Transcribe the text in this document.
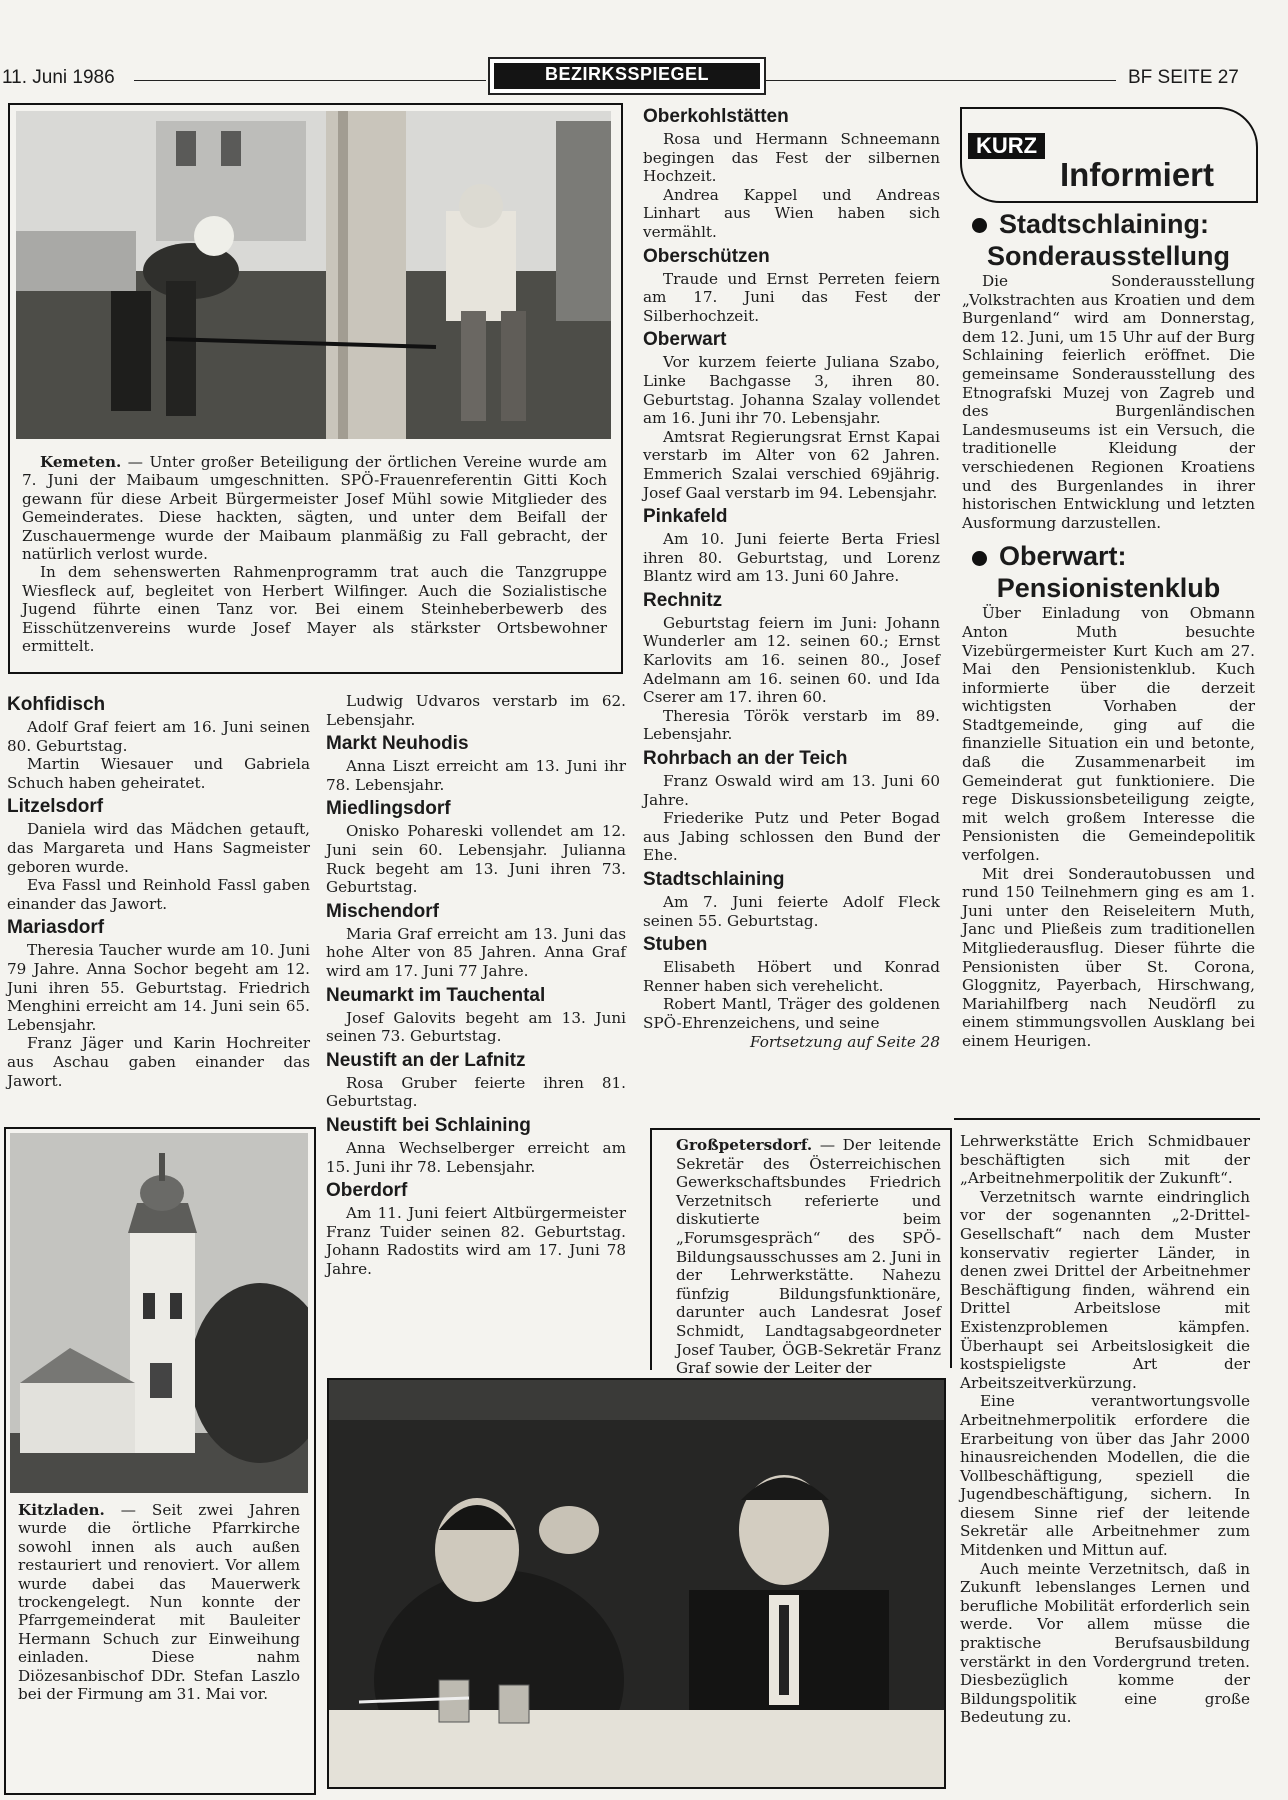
11. Juni 1986	BEZIRKSSPIEGEL	BF SEITE 27

Kemeten. — Unter großer Beteiligung der örtlichen Vereine wurde am 7. Juni der Maibaum umgeschnitten. SPÖ-Frauenreferentin Gitti Koch gewann für diese Arbeit Bürgermeister Josef Mühl sowie Mitglieder des Gemeinderates. Diese hackten, sägten, und unter dem Beifall der Zuschauermenge wurde der Maibaum planmäßig zu Fall gebracht, der natürlich verlost wurde.

In dem sehenswerten Rahmenprogramm trat auch die Tanzgruppe Wiesfleck auf, begleitet von Herbert Wilfinger. Auch die Sozialistische Jugend führte einen Tanz vor. Bei einem Steinheberbewerb des Eisschützenvereins wurde Josef Mayer als stärkster Ortsbewohner ermittelt.

Kohfidisch

Adolf Graf feiert am 16. Juni seinen 80. Geburtstag.

Martin Wiesauer und Gabriela Schuch haben geheiratet.

Litzelsdorf

Daniela wird das Mädchen getauft, das Margareta und Hans Sagmeister geboren wurde.

Eva Fassl und Reinhold Fassl gaben einander das Jawort.

Mariasdorf

Theresia Taucher wurde am 10. Juni 79 Jahre. Anna Sochor begeht am 12. Juni ihren 55. Geburtstag. Friedrich Menghini erreicht am 14. Juni sein 65. Lebensjahr.

Franz Jäger und Karin Hochreiter aus Aschau gaben einander das Jawort.

Kitzladen. — Seit zwei Jahren wurde die örtliche Pfarrkirche sowohl innen als auch außen restauriert und renoviert. Vor allem wurde dabei das Mauerwerk trockengelegt. Nun konnte der Pfarrgemeinderat mit Bauleiter Hermann Schuch zur Einweihung einladen. Diese nahm Diözesanbischof DDr. Stefan Laszlo bei der Firmung am 31. Mai vor.

Ludwig Udvaros verstarb im 62. Lebensjahr.

Markt Neuhodis

Anna Liszt erreicht am 13. Juni ihr 78. Lebensjahr.

Miedlingsdorf

Onisko Pohareski vollendet am 12. Juni sein 60. Lebensjahr. Julianna Ruck begeht am 13. Juni ihren 73. Geburtstag.

Mischendorf

Maria Graf erreicht am 13. Juni das hohe Alter von 85 Jahren. Anna Graf wird am 17. Juni 77 Jahre.

Neumarkt im Tauchental

Josef Galovits begeht am 13. Juni seinen 73. Geburtstag.

Neustift an der Lafnitz

Rosa Gruber feierte ihren 81. Geburtstag.

Neustift bei Schlaining

Anna Wechselberger erreicht am 15. Juni ihr 78. Lebensjahr.

Oberdorf

Am 11. Juni feiert Altbürgermeister Franz Tuider seinen 82. Geburtstag. Johann Radostits wird am 17. Juni 78 Jahre.

Oberkohlstätten

Rosa und Hermann Schneemann begingen das Fest der silbernen Hochzeit.

Andrea Kappel und Andreas Linhart aus Wien haben sich vermählt.

Oberschützen

Traude und Ernst Perreten feiern am 17. Juni das Fest der Silberhochzeit.

Oberwart

Vor kurzem feierte Juliana Szabo, Linke Bachgasse 3, ihren 80. Geburtstag. Johanna Szalay vollendet am 16. Juni ihr 70. Lebensjahr.

Amtsrat Regierungsrat Ernst Kapai verstarb im Alter von 62 Jahren. Emmerich Szalai verschied 69jährig. Josef Gaal verstarb im 94. Lebensjahr.

Pinkafeld

Am 10. Juni feierte Berta Friesl ihren 80. Geburtstag, und Lorenz Blantz wird am 13. Juni 60 Jahre.

Rechnitz

Geburtstag feiern im Juni: Johann Wunderler am 12. seinen 60.; Ernst Karlovits am 16. seinen 80., Josef Adelmann am 16. seinen 60. und Ida Cserer am 17. ihren 60.

Theresia Török verstarb im 89. Lebensjahr.

Rohrbach an der Teich

Franz Oswald wird am 13. Juni 60 Jahre.

Friederike Putz und Peter Bogad aus Jabing schlossen den Bund der Ehe.

Stadtschlaining

Am 7. Juni feierte Adolf Fleck seinen 55. Geburtstag.

Stuben

Elisabeth Höbert und Konrad Renner haben sich verehelicht.

Robert Mantl, Träger des goldenen SPÖ-Ehrenzeichens, und seine

Fortsetzung auf Seite 28
KURZ
Informiert
Stadtschlaining:
Sonderausstellung

Die Sonderausstellung „Volkstrachten aus Kroatien und dem Burgenland“ wird am Donnerstag, dem 12. Juni, um 15 Uhr auf der Burg Schlaining feierlich eröffnet. Die gemeinsame Sonderausstellung des Etnografski Muzej von Zagreb und des Burgenländischen Landesmuseums ist ein Versuch, die traditionelle Kleidung der verschiedenen Regionen Kroatiens und des Burgenlandes in ihrer historischen Entwicklung und letzten Ausformung darzustellen.

Oberwart:
Pensionistenklub

Über Einladung von Obmann Anton Muth besuchte Vizebürgermeister Kurt Kuch am 27. Mai den Pensionistenklub. Kuch informierte über die derzeit wichtigsten Vorhaben der Stadtgemeinde, ging auf die finanzielle Situation ein und betonte, daß die Zusammenarbeit im Gemeinderat gut funktioniere. Die rege Diskussionsbeteiligung zeigte, mit welch großem Interesse die Pensionisten die Gemeindepolitik verfolgen.

Mit drei Sonderautobussen und rund 150 Teilnehmern ging es am 1. Juni unter den Reiseleitern Muth, Janc und Pließeis zum traditionellen Mitgliederausflug. Dieser führte die Pensionisten über St. Corona, Gloggnitz, Payerbach, Hirschwang, Mariahilfberg nach Neudörfl zu einem stimmungsvollen Ausklang bei einem Heurigen.

Großpetersdorf. — Der leitende Sekretär des Österreichischen Gewerkschaftsbundes Friedrich Verzetnitsch referierte und diskutierte beim „Forumsgespräch“ des SPÖ-Bildungsausschusses am 2. Juni in der Lehrwerkstätte. Nahezu fünfzig Bildungsfunktionäre, darunter auch Landesrat Josef Schmidt, Landtagsabgeordneter Josef Tauber, ÖGB-Sekretär Franz Graf sowie der Leiter der

Lehrwerkstätte Erich Schmidbauer beschäftigten sich mit der „Arbeitnehmerpolitik der Zukunft“.

Verzetnitsch warnte eindringlich vor der sogenannten „2-Drittel-Gesellschaft“ nach dem Muster konservativ regierter Länder, in denen zwei Drittel der Arbeitnehmer Beschäftigung finden, während ein Drittel Arbeitslose mit Existenzproblemen kämpfen. Überhaupt sei Arbeitslosigkeit die kostspieligste Art der Arbeitszeitverkürzung.

Eine verantwortungsvolle Arbeitnehmerpolitik erfordere die Erarbeitung von über das Jahr 2000 hinausreichenden Modellen, die die Vollbeschäftigung, speziell die Jugendbeschäftigung, sichern. In diesem Sinne rief der leitende Sekretär alle Arbeitnehmer zum Mitdenken und Mittun auf.

Auch meinte Verzetnitsch, daß in Zukunft lebenslanges Lernen und berufliche Mobilität erforderlich sein werde. Vor allem müsse die praktische Berufsausbildung verstärkt in den Vordergrund treten. Diesbezüglich komme der Bildungspolitik eine große Bedeutung zu.
